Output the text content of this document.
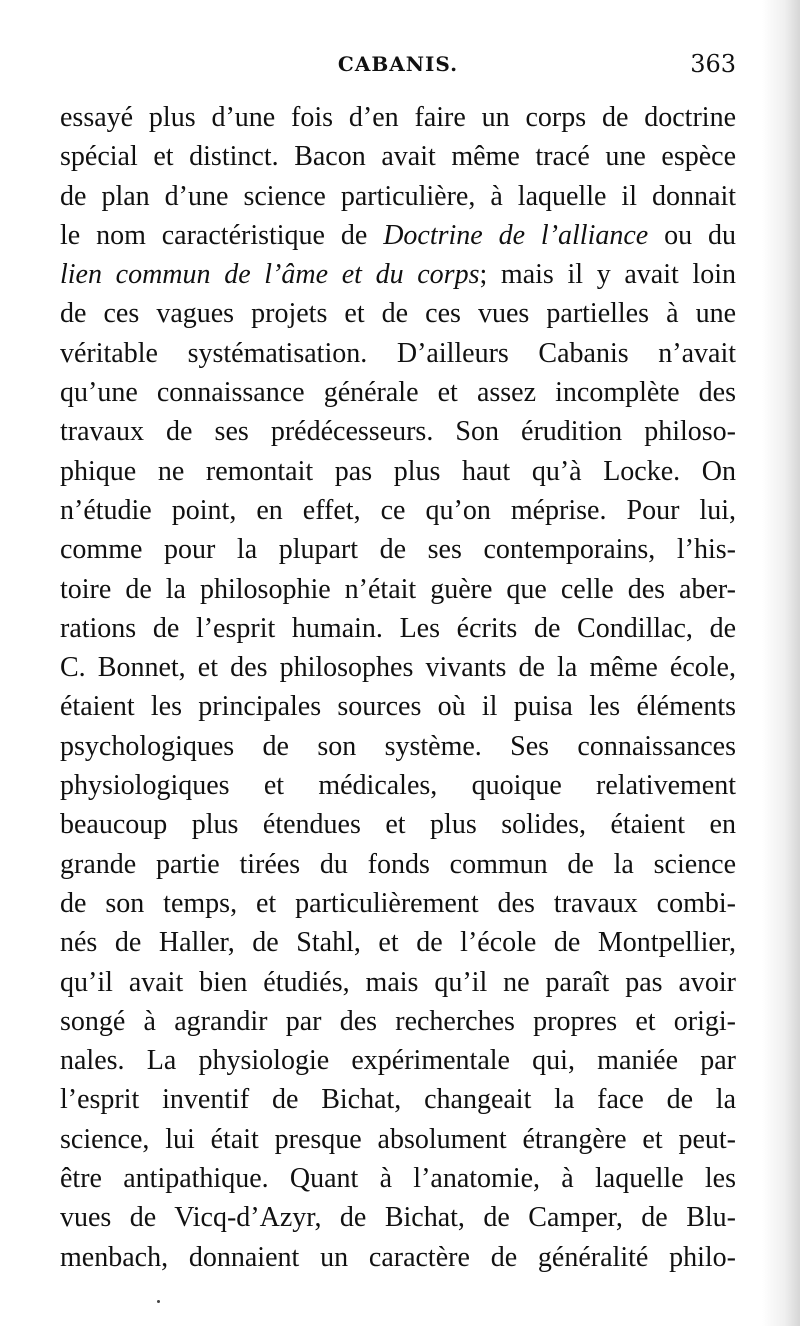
CABANIS.	363
essayé plus d’une fois d’en faire un corps de doctrine
spécial et distinct. Bacon avait même tracé une espèce
de plan d’une science particulière, à laquelle il donnait
le nom caractéristique de Doctrine de l’alliance ou du
lien commun de l’âme et du corps; mais il y avait loin
de ces vagues projets et de ces vues partielles à une
véritable systématisation. D’ailleurs Cabanis n’avait
qu’une connaissance générale et assez incomplète des
travaux de ses prédécesseurs. Son érudition philoso-
phique ne remontait pas plus haut qu’à Locke. On
n’étudie point, en effet, ce qu’on méprise. Pour lui,
comme pour la plupart de ses contemporains, l’his-
toire de la philosophie n’était guère que celle des aber-
rations de l’esprit humain. Les écrits de Condillac, de
C. Bonnet, et des philosophes vivants de la même école,
étaient les principales sources où il puisa les éléments
psychologiques de son système. Ses connaissances
physiologiques et médicales, quoique relativement
beaucoup plus étendues et plus solides, étaient en
grande partie tirées du fonds commun de la science
de son temps, et particulièrement des travaux combi-
nés de Haller, de Stahl, et de l’école de Montpellier,
qu’il avait bien étudiés, mais qu’il ne paraît pas avoir
songé à agrandir par des recherches propres et origi-
nales. La physiologie expérimentale qui, maniée par
l’esprit inventif de Bichat, changeait la face de la
science, lui était presque absolument étrangère et peut-
être antipathique. Quant à l’anatomie, à laquelle les
vues de Vicq-d’Azyr, de Bichat, de Camper, de Blu-
menbach, donnaient un caractère de généralité philo-
